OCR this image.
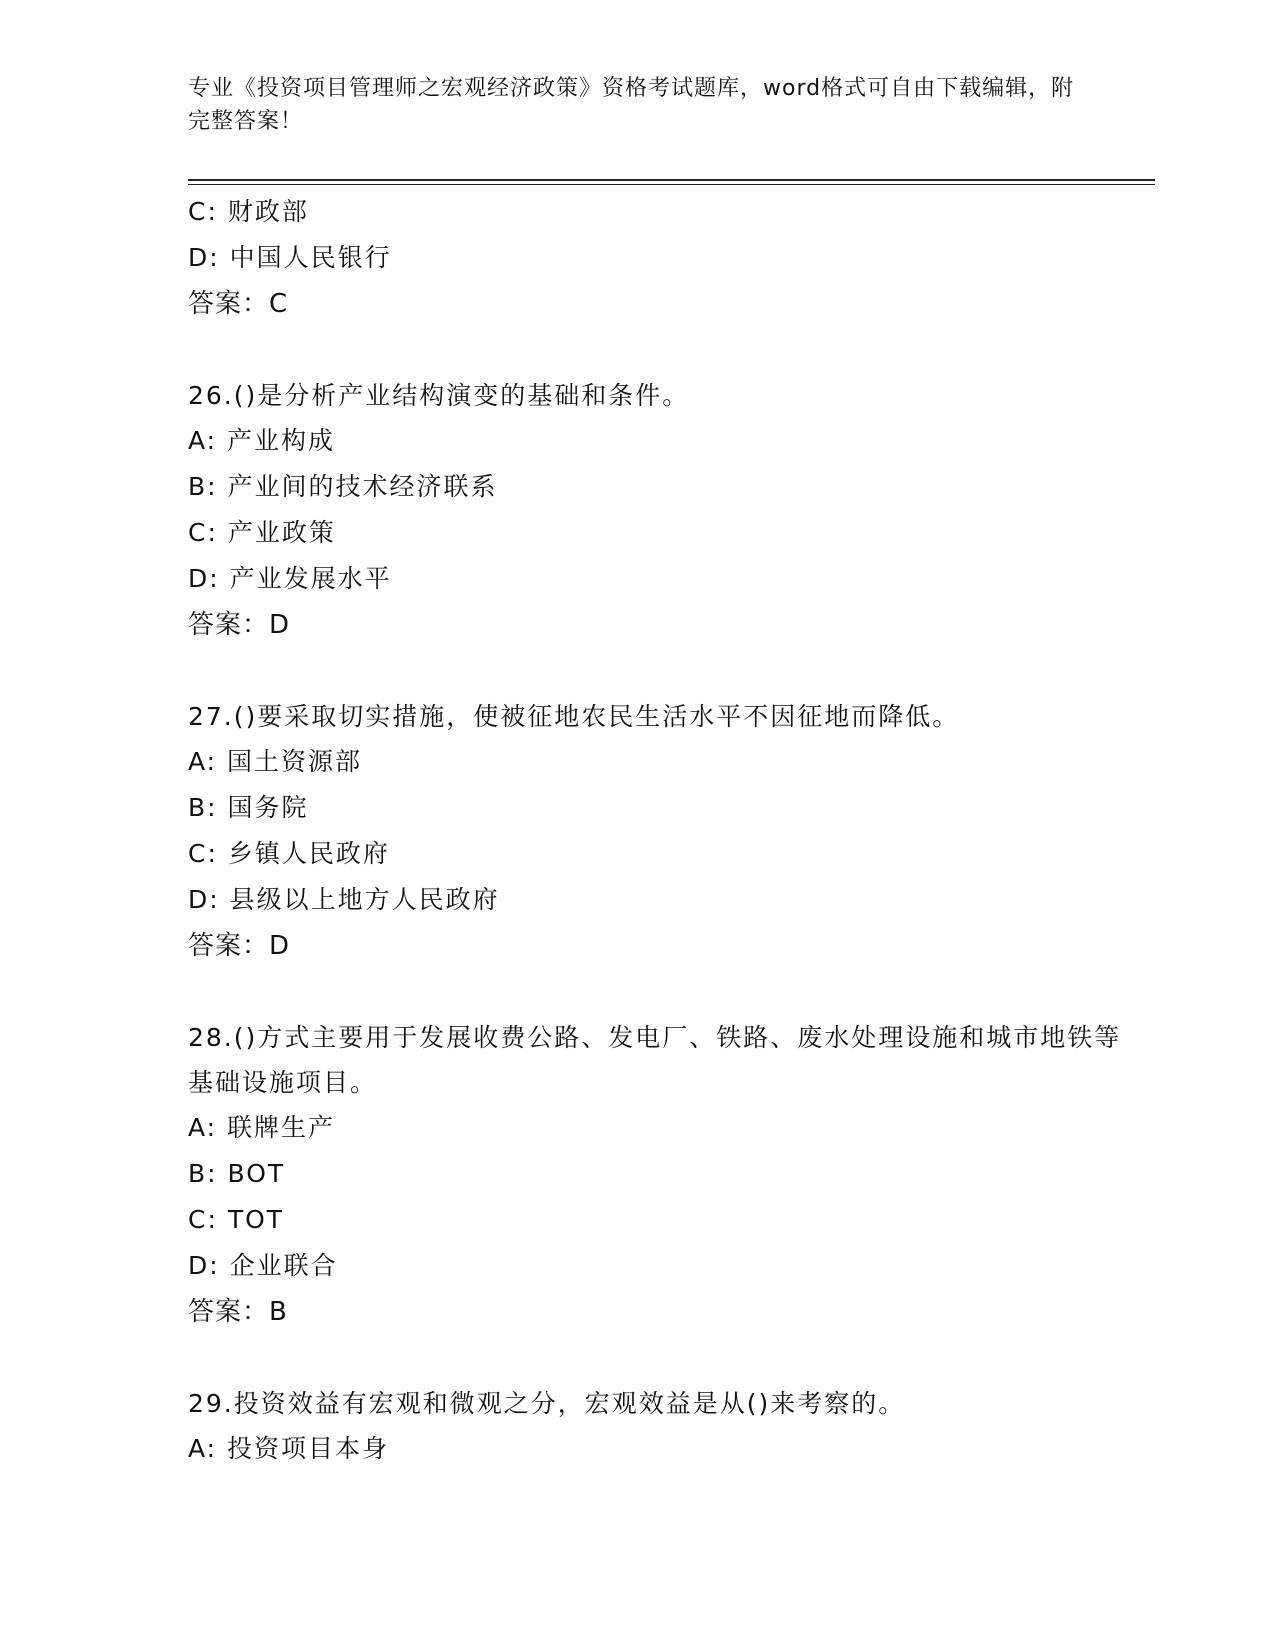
专业《投资项目管理师之宏观经济政策》资格考试题库，word格式可自由下载编辑，附完整答案！
C: 财政部
D: 中国人民银行
答案：C
26.()是分析产业结构演变的基础和条件。
A: 产业构成
B: 产业间的技术经济联系
C: 产业政策
D: 产业发展水平
答案：D
27.()要采取切实措施，使被征地农民生活水平不因征地而降低。
A: 国土资源部
B: 国务院
C: 乡镇人民政府
D: 县级以上地方人民政府
答案：D
28.()方式主要用于发展收费公路、发电厂、铁路、废水处理设施和城市地铁等基础设施项目。
A: 联牌生产
B: BOT
C: TOT
D: 企业联合
答案：B
29.投资效益有宏观和微观之分，宏观效益是从()来考察的。
A: 投资项目本身
